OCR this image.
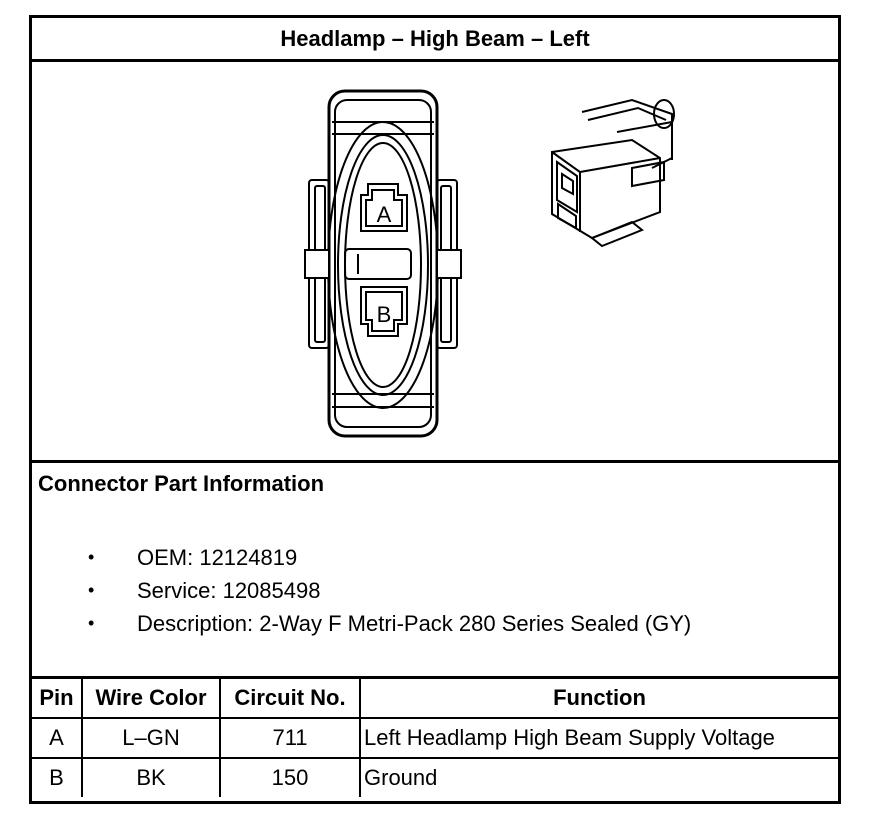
Headlamp – High Beam – Left
A
B
Connector Part Information
• OEM: 12124819
• Service: 12085498
• Description: 2-Way F Metri-Pack 280 Series Sealed (GY)
Pin	Wire Color	Circuit No.	Function
A	L–GN	711	Left Headlamp High Beam Supply Voltage
B	BK	150	Ground
